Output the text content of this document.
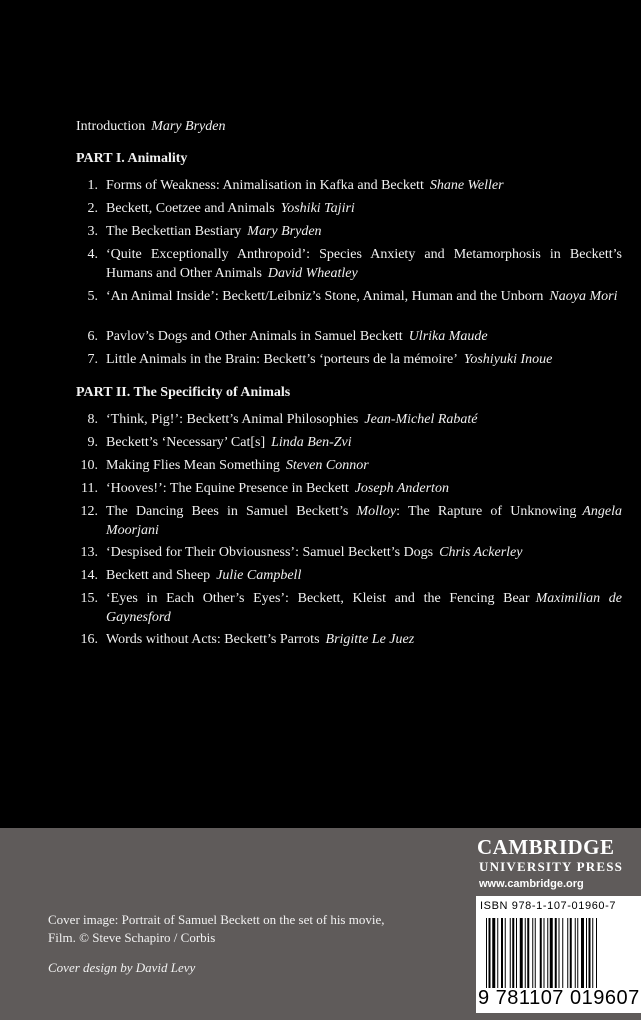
Introduction Mary Bryden
PART I. Animality
1. Forms of Weakness: Animalisation in Kafka and Beckett Shane Weller
2. Beckett, Coetzee and Animals Yoshiki Tajiri
3. The Beckettian Bestiary Mary Bryden
4. ‘Quite Exceptionally Anthropoid’: Species Anxiety and Metamorphosis in Beckett’s Humans and Other Animals David Wheatley
5. ‘An Animal Inside’: Beckett/Leibniz’s Stone, Animal, Human and the Unborn Naoya Mori
6. Pavlov’s Dogs and Other Animals in Samuel Beckett Ulrika Maude
7. Little Animals in the Brain: Beckett’s ‘porteurs de la mémoire’ Yoshiyuki Inoue
PART II. The Specificity of Animals
8. ‘Think, Pig!’: Beckett’s Animal Philosophies Jean-Michel Rabaté
9. Beckett’s ‘Necessary’ Cat[s] Linda Ben-Zvi
10. Making Flies Mean Something Steven Connor
11. ‘Hooves!’: The Equine Presence in Beckett Joseph Anderton
12. The Dancing Bees in Samuel Beckett’s Molloy: The Rapture of Unknowing Angela Moorjani
13. ‘Despised for Their Obviousness’: Samuel Beckett’s Dogs Chris Ackerley
14. Beckett and Sheep Julie Campbell
15. ‘Eyes in Each Other’s Eyes’: Beckett, Kleist and the Fencing Bear Maximilian de Gaynesford
16. Words without Acts: Beckett’s Parrots Brigitte Le Juez
Cover image: Portrait of Samuel Beckett on the set of his movie,
Film. © Steve Schapiro / Corbis
Cover design by David Levy
CAMBRIDGE
UNIVERSITY PRESS
www.cambridge.org
ISBN 978-1-107-01960-7
9 781107 019607
